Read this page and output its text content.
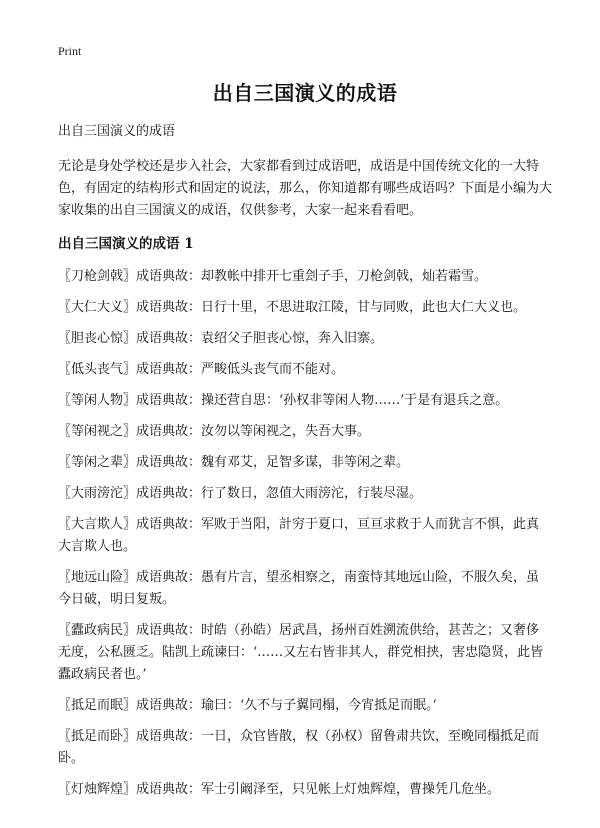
Print
出自三国演义的成语

出自三国演义的成语

无论是身处学校还是步入社会，大家都看到过成语吧，成语是中国传统文化的一大特色，有固定的结构形式和固定的说法，那么，你知道都有哪些成语吗？下面是小编为大家收集的出自三国演义的成语，仅供参考，大家一起来看看吧。

出自三国演义的成语 1

〖刀枪剑戟〗成语典故：却教帐中排开七重刽子手，刀枪剑戟，灿若霜雪。

〖大仁大义〗成语典故：日行十里，不思进取江陵，甘与同败，此也大仁大义也。

〖胆丧心惊〗成语典故：袁绍父子胆丧心惊，奔入旧寨。

〖低头丧气〗成语典故：严畯低头丧气而不能对。

〖等闲人物〗成语典故：操还营自思：‘孙权非等闲人物……’于是有退兵之意。

〖等闲视之〗成语典故：汝勿以等闲视之，失吾大事。

〖等闲之辈〗成语典故：魏有邓艾，足智多谋，非等闲之辈。

〖大雨滂沱〗成语典故：行了数日，忽值大雨滂沱，行装尽湿。

〖大言欺人〗成语典故：军败于当阳，計穷于夏口，亘亘求救于人而犹言不惧，此真大言欺人也。

〖地远山险〗成语典故：愚有片言，望丞相察之，南蛮恃其地远山险，不服久矣，虽今日破，明日复叛。

〖蠹政病民〗成语典故：时皓（孙皓）居武昌，扬州百姓溯流供给，甚苦之；又奢侈无度，公私匮乏。陆凯上疏谏曰：‘……又左右皆非其人，群党相挟，害忠隐贤，此皆蠹政病民者也。’

〖抵足而眠〗成语典故：瑜曰：‘久不与子翼同榻，今宵抵足而眠。’

〖抵足而卧〗成语典故：一日，众官皆散，权（孙权）留鲁肃共饮，至晚同榻抵足而卧。

〖灯烛辉煌〗成语典故：军士引阚泽至，只见帐上灯烛辉煌，曹操凭几危坐。
